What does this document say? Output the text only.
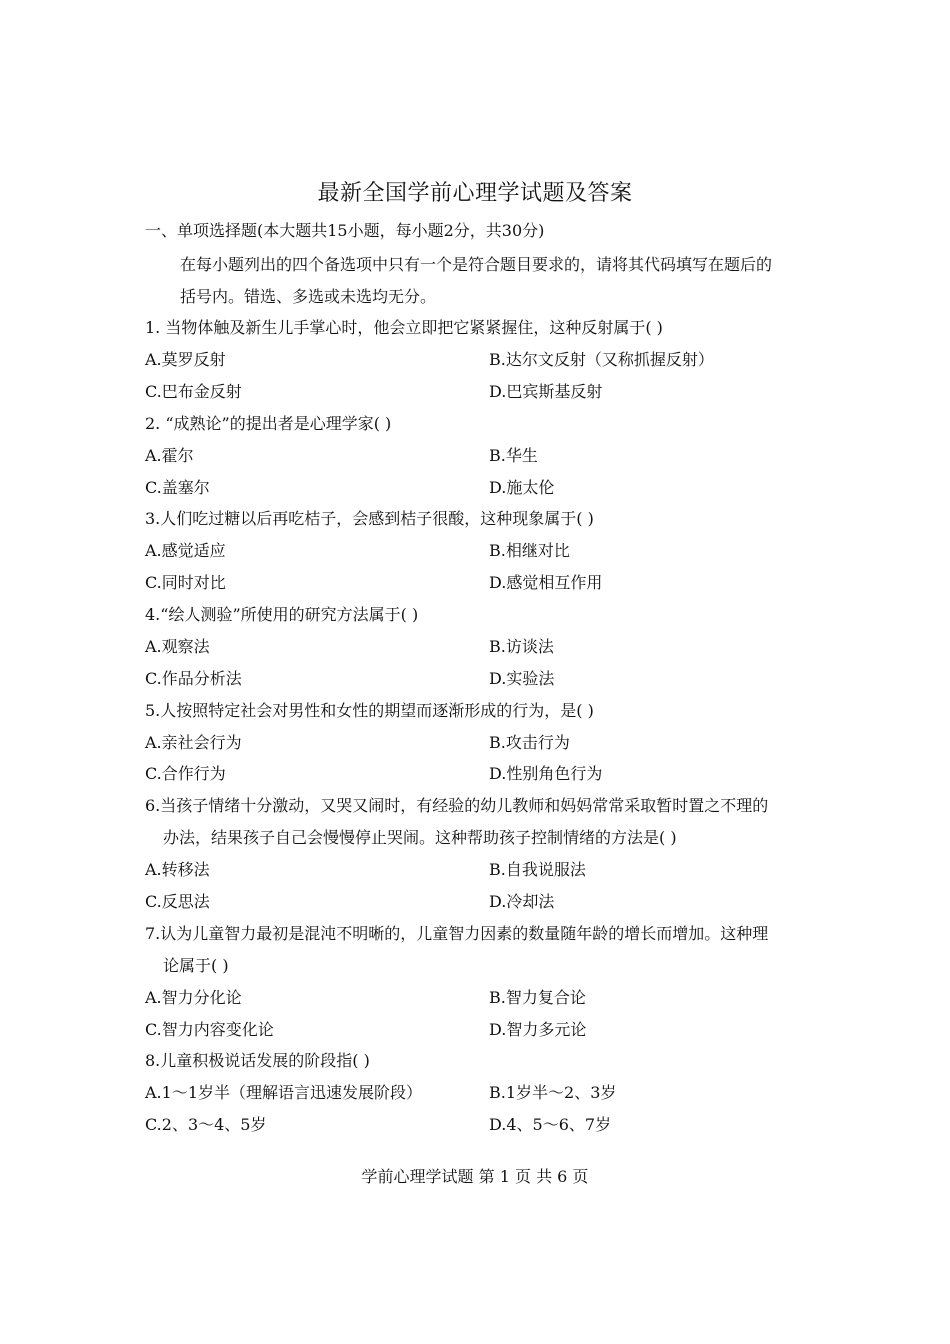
最新全国学前心理学试题及答案
一、单项选择题(本大题共15小题，每小题2分，共30分)
在每小题列出的四个备选项中只有一个是符合题目要求的，请将其代码填写在题后的
括号内。错选、多选或未选均无分。
1. 当物体触及新生儿手掌心时，他会立即把它紧紧握住，这种反射属于( )
A.莫罗反射	B.达尔文反射（又称抓握反射）
C.巴布金反射	D.巴宾斯基反射
2. “成熟论”的提出者是心理学家( )
A.霍尔	B.华生
C.盖塞尔	D.施太伦
3.人们吃过糖以后再吃桔子，会感到桔子很酸，这种现象属于( )
A.感觉适应	B.相继对比
C.同时对比	D.感觉相互作用
4.“绘人测验”所使用的研究方法属于( )
A.观察法	B.访谈法
C.作品分析法	D.实验法
5.人按照特定社会对男性和女性的期望而逐渐形成的行为，是( )
A.亲社会行为	B.攻击行为
C.合作行为	D.性别角色行为
6.当孩子情绪十分激动，又哭又闹时，有经验的幼儿教师和妈妈常常采取暂时置之不理的
办法，结果孩子自己会慢慢停止哭闹。这种帮助孩子控制情绪的方法是( )
A.转移法	B.自我说服法
C.反思法	D.冷却法
7.认为儿童智力最初是混沌不明晰的，儿童智力因素的数量随年龄的增长而增加。这种理
论属于( )
A.智力分化论	B.智力复合论
C.智力内容变化论	D.智力多元论
8.儿童积极说话发展的阶段指( )
A.1～1岁半（理解语言迅速发展阶段）	B.1岁半～2、3岁
C.2、3～4、5岁	D.4、5～6、7岁
学前心理学试题 第 1 页 共 6 页
